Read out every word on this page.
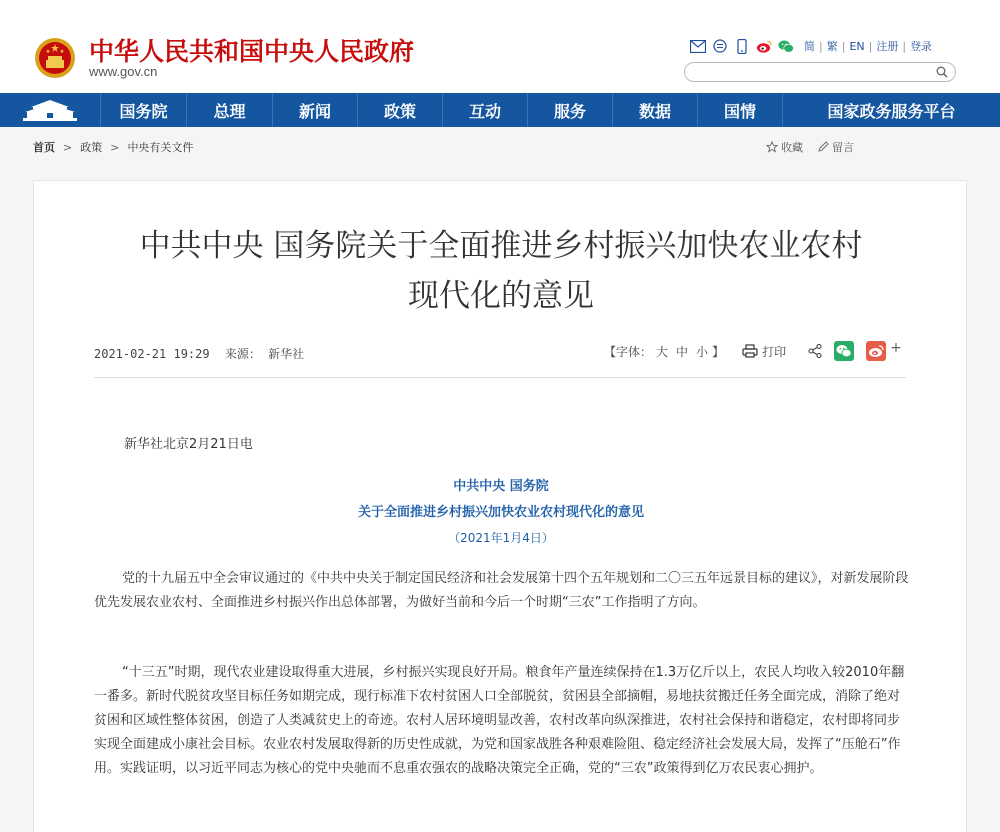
中华人民共和国中央人民政府
www.gov.cn
简 | 繁 | EN | 注册 | 登录
国务院	总理	新闻	政策	互动	服务	数据	国情	国家政务服务平台
首页 > 政策 > 中央有关文件	收藏	留言
中共中央 国务院关于全面推进乡村振兴加快农业农村
现代化的意见
2021-02-21 19:29 来源： 新华社	【字体： 大 中 小 】	打印	+
新华社北京2月21日电
中共中央 国务院
关于全面推进乡村振兴加快农业农村现代化的意见
（2021年1月4日）
党的十九届五中全会审议通过的《中共中央关于制定国民经济和社会发展第十四个五年规划和二〇三五年远景目标的建议》，对新发展阶段优先发展农业农村、全面推进乡村振兴作出总体部署，为做好当前和今后一个时期“三农”工作指明了方向。
“十三五”时期，现代农业建设取得重大进展，乡村振兴实现良好开局。粮食年产量连续保持在1.3万亿斤以上，农民人均收入较2010年翻一番多。新时代脱贫攻坚目标任务如期完成，现行标准下农村贫困人口全部脱贫，贫困县全部摘帽，易地扶贫搬迁任务全面完成，消除了绝对贫困和区域性整体贫困，创造了人类减贫史上的奇迹。农村人居环境明显改善，农村改革向纵深推进，农村社会保持和谐稳定，农村即将同步实现全面建成小康社会目标。农业农村发展取得新的历史性成就，为党和国家战胜各种艰难险阻、稳定经济社会发展大局，发挥了“压舱石”作用。实践证明，以习近平同志为核心的党中央驰而不息重农强农的战略决策完全正确，党的“三农”政策得到亿万农民衷心拥护。
